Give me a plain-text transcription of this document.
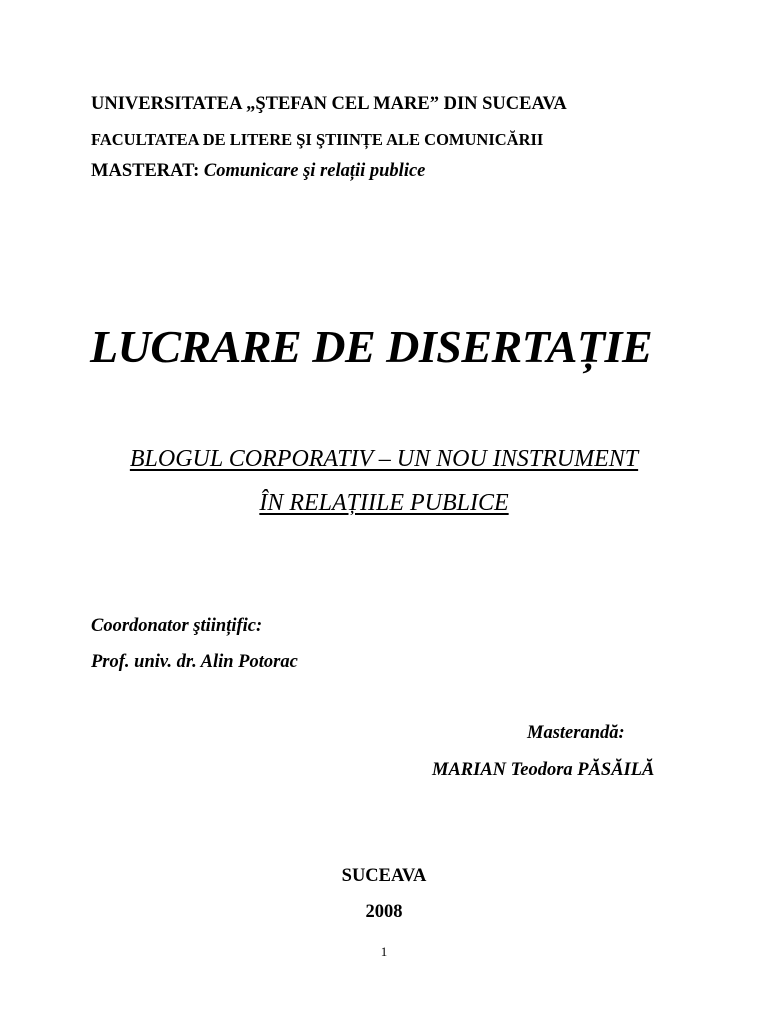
UNIVERSITATEA „ŞTEFAN CEL MARE” DIN SUCEAVA
FACULTATEA DE LITERE ŞI ŞTIINȚE ALE COMUNICĂRII
MASTERAT: Comunicare şi relații publice
LUCRARE DE DISERTAȚIE
BLOGUL CORPORATIV – UN NOU INSTRUMENT
ÎN RELAȚIILE PUBLICE
Coordonator ştiințific:
Prof. univ. dr. Alin Potorac
Masterandă:
MARIAN Teodora PĂSĂILĂ
SUCEAVA
2008
1
